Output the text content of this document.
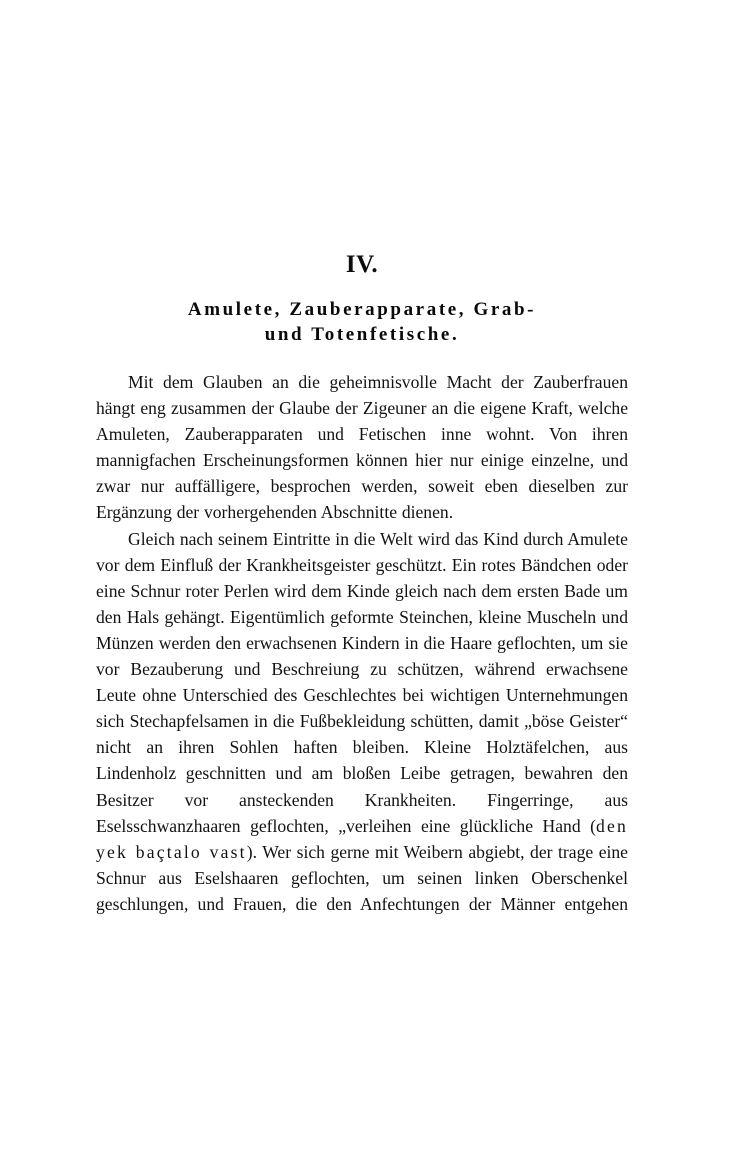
IV.
Amulete, Zauberapparate, Grab-
und Totenfetische.

Mit dem Glauben an die geheimnisvolle Macht der Zauberfrauen hängt eng zusammen der Glaube der Zigeuner an die eigene Kraft, welche Amuleten, Zauberapparaten und Fetischen inne wohnt. Von ihren mannigfachen Erscheinungsformen können hier nur einige einzelne, und zwar nur auffälligere, besprochen werden, soweit eben dieselben zur Ergänzung der vorhergehenden Abschnitte dienen.

Gleich nach seinem Eintritte in die Welt wird das Kind durch Amulete vor dem Einfluß der Krankheitsgeister geschützt. Ein rotes Bändchen oder eine Schnur roter Perlen wird dem Kinde gleich nach dem ersten Bade um den Hals gehängt. Eigentümlich geformte Steinchen, kleine Muscheln und Münzen werden den erwachsenen Kindern in die Haare geflochten, um sie vor Bezauberung und Beschreiung zu schützen, während erwachsene Leute ohne Unterschied des Geschlechtes bei wichtigen Unternehmungen sich Stechapfelsamen in die Fußbekleidung schütten, damit „böse Geister“ nicht an ihren Sohlen haften bleiben. Kleine Holztäfelchen, aus Lindenholz geschnitten und am bloßen Leibe getragen, bewahren den Besitzer vor ansteckenden Krankheiten. Fingerringe, aus Eselsschwanzhaaren geflochten, „verleihen eine glückliche Hand (den yek baçtalo vast). Wer sich gerne mit Weibern abgiebt, der trage eine Schnur aus Eselshaaren geflochten, um seinen linken Oberschenkel geschlungen, und Frauen, die den Anfechtungen der Männer entgehen
